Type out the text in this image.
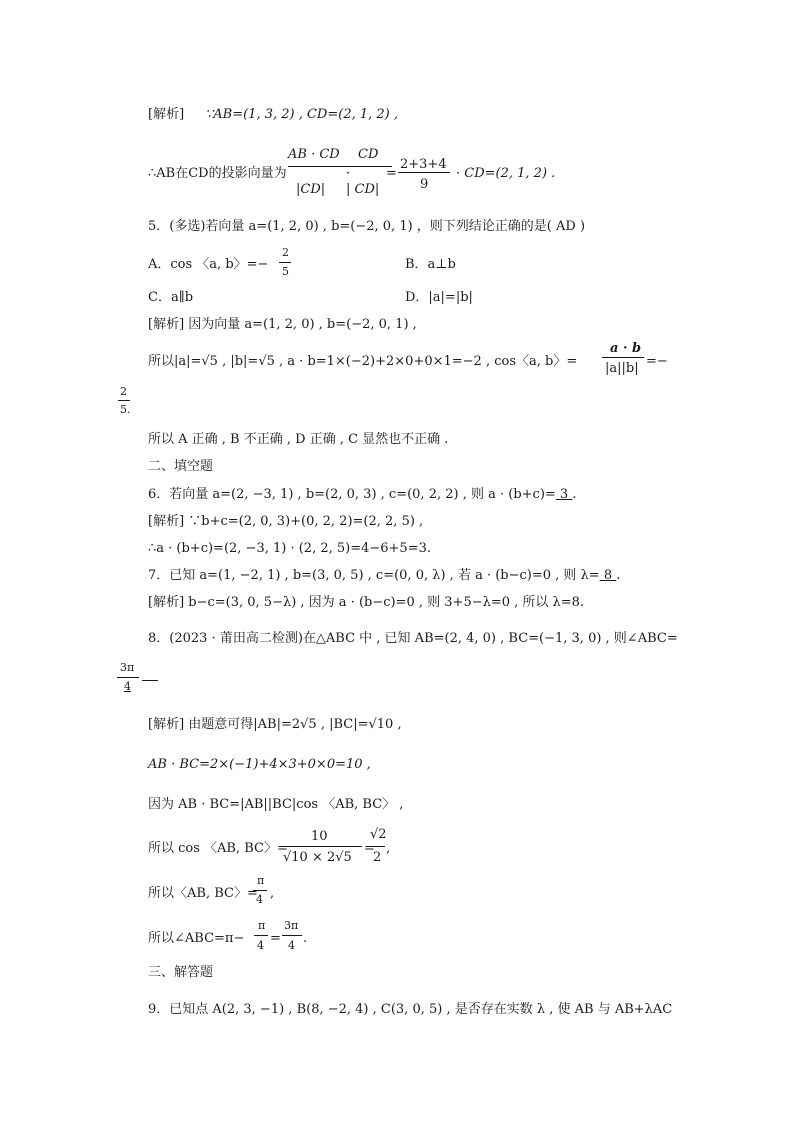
[解析] ∵AB=(1, 3, 2) , CD=(2, 1, 2) ,
∴AB在CD的投影向量为
AB · CD
|CD|
·
CD
| CD|
=
2+3+4
9
· CD=(2, 1, 2) .
5．(多选)若向量 a=(1, 2, 0) , b=(−2, 0, 1) ，则下列结论正确的是( AD )
A．cos 〈a, b〉=−
2
5	B．a⊥b
C．a∥b	D．|a|=|b|
[解析] 因为向量 a=(1, 2, 0) , b=(−2, 0, 1) ,
所以|a|=√5 , |b|=√5 , a · b=1×(−2)+2×0+0×1=−2 , cos〈a, b〉=
a · b
|a||b| =−
2
5.
所以 A 正确 , B 不正确 , D 正确 , C 显然也不正确 .
二、填空题
6．若向量 a=(2, −3, 1) , b=(2, 0, 3) , c=(0, 2, 2) , 则 a · (b+c)= 3 .
[解析] ∵b+c=(2, 0, 3)+(0, 2, 2)=(2, 2, 5) ,
∴a · (b+c)=(2, −3, 1) · (2, 2, 5)=4−6+5=3.
7．已知 a=(1, −2, 1) , b=(3, 0, 5) , c=(0, 0, λ) , 若 a · (b−c)=0 , 则 λ= 8 .
[解析] b−c=(3, 0, 5−λ) , 因为 a · (b−c)=0 , 则 3+5−λ=0 , 所以 λ=8.
8．(2023 · 莆田高二检测)在△ABC 中 , 已知 AB=(2, 4, 0) , BC=(−1, 3, 0) , 则∠ABC=
3π
4
[解析] 由题意可得|AB|=2√5 , |BC|=√10 ,
AB · BC=2×(−1)+4×3+0×0=10 ,
因为 AB · BC=|AB||BC|cos 〈AB, BC〉 ,
所以 cos 〈AB, BC〉=
10
√10 × 2√5
=
√2
2
,
所以〈AB, BC〉=
π
4 ,
所以∠ABC=π−
π
4 =
3π
4 .
三、解答题
9．已知点 A(2, 3, −1) , B(8, −2, 4) , C(3, 0, 5) , 是否存在实数 λ , 使 AB 与 AB+λAC
